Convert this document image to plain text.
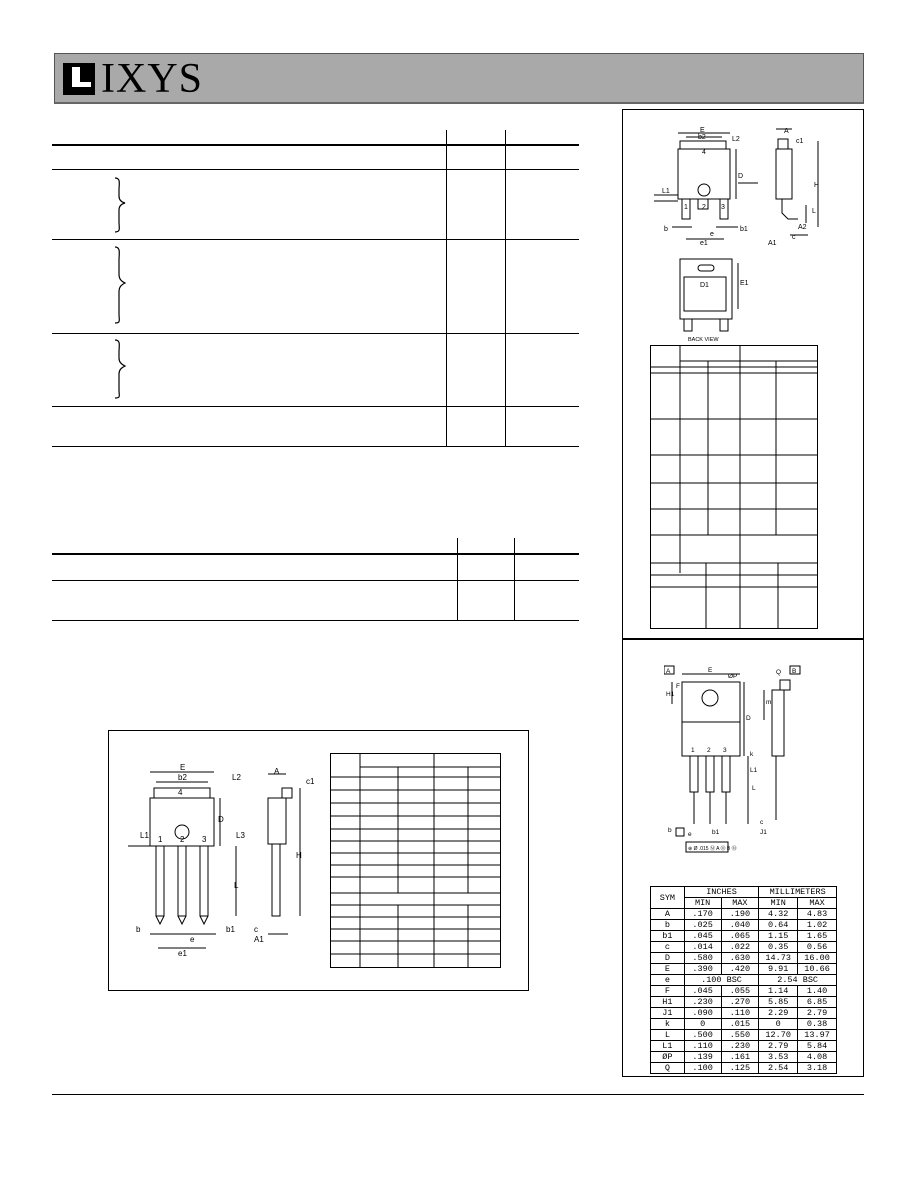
IXYS
E
b2	L2
A
c1
4
D
H
L1
1 2 3
L
b	b1	A2
c
A1
e1
e
D1	E1
BACK VIEW
E
A	B
F
ØP
D
H1
m
Q
1 2 3
k
L1
L
b
e	b1
c
J1
⊕ Ø .015 Ⓜ A Ⓜ B Ⓜ
SYM	INCHES		MILLIMETERS	
	MIN	MAX	MIN	MAX
A	.170	.190	4.32	4.83
b	.025	.040	0.64	1.02
b1	.045	.065	1.15	1.65
c	.014	.022	0.35	0.56
D	.580	.630	14.73	16.00
E	.390	.420	9.91	10.66
e	.100 BSC		2.54 BSC	
F	.045	.055	1.14	1.40
H1	.230	.270	5.85	6.85
J1	.090	.110	2.29	2.79
k	0	.015	0	0.38
L	.500	.550	12.70	13.97
L1	.110	.230	2.79	5.84
ØP	.139	.161	3.53	4.08
Q	.100	.125	2.54	3.18
E
b2	L2
A
c1
4
D
H
L1	L3
1 2 3
L
b	b1 c
A1
e1
e
